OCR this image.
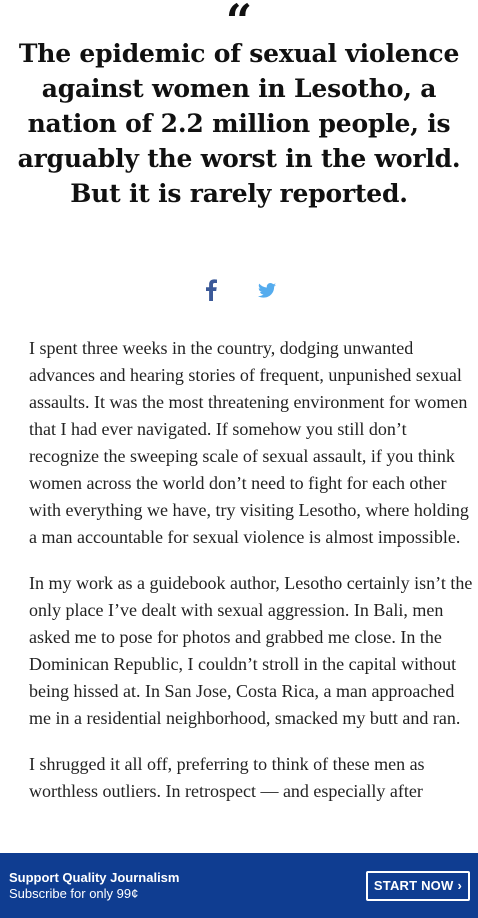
“
The epidemic of sexual violence against women in Lesotho, a nation of 2.2 million people, is arguably the worst in the world. But it is rarely reported.

I spent three weeks in the country, dodging unwanted advances and hearing stories of frequent, unpunished sexual assaults. It was the most threatening environment for women that I had ever navigated. If somehow you still don’t recognize the sweeping scale of sexual assault, if you think women across the world don’t need to fight for each other with everything we have, try visiting Lesotho, where holding a man accountable for sexual violence is almost impossible.

In my work as a guidebook author, Lesotho certainly isn’t the only place I’ve dealt with sexual aggression. In Bali, men asked me to pose for photos and grabbed me close. In the Dominican Republic, I couldn’t stroll in the capital without being hissed at. In San Jose, Costa Rica, a man approached me in a residential neighborhood, smacked my butt and ran.

I shrugged it all off, preferring to think of these men as worthless outliers. In retrospect — and especially after

Support Quality Journalism
Subscribe for only 99¢	START NOW ›
